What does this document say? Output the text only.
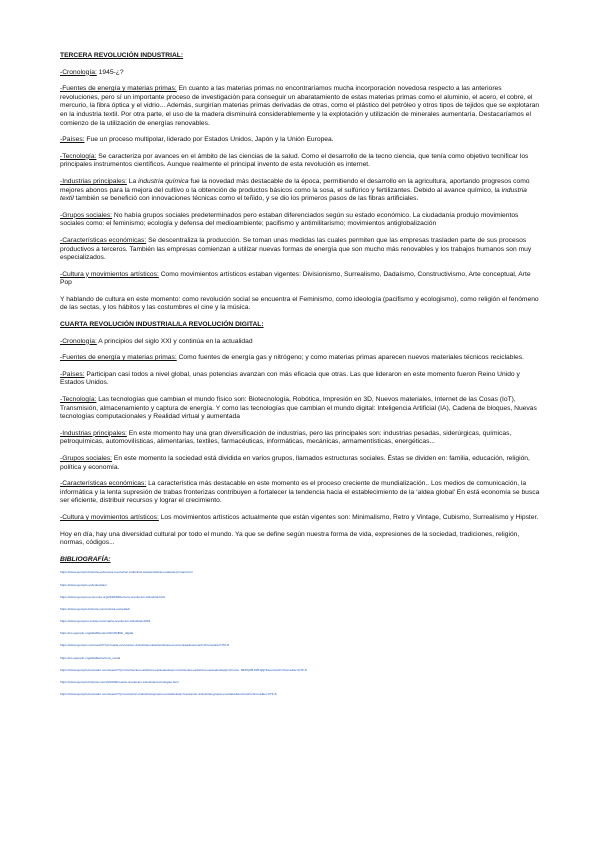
TERCERA REVOLUCIÓN INDUSTRIAL:

-Cronología: 1945-¿?

-Fuentes de energía y materias primas: En cuanto a las materias primas no encontraríamos mucha incorporación novedosa respecto a las anteriores revoluciones, pero sí un importante proceso de investigación para conseguir un abaratamiento de estas materias primas como el aluminio, el acero, el cobre, el mercurio, la fibra óptica y el vidrio... Además, surgirían materias primas derivadas de otras, como el plástico del petróleo y otros tipos de tejidos que se explotaran en la industria textil. Por otra parte, el uso de la madera disminuirá considerablemente y la explotación y utilización de minerales aumentaría. Destacaríamos el comienzo de la utilización de energías renovables.

-Países: Fue un proceso multipolar, liderado por Estados Unidos, Japón y la Unión Europea.

-Tecnología: Se caracteriza por avances en el ámbito de las ciencias de la salud. Como el desarrollo de la tecno ciencia, que tenía como objetivo tecnificar los principales instrumentos científicos. Aunque realmente el principal invento de esta revolución es internet.

-Industrias principales: La industria química fue la novedad más destacable de la época, permitiendo el desarrollo en la agricultura, aportando progresos como mejores abonos para la mejora del cultivo o la obtención de productos básicos como la sosa, el sulfúrico y fertilizantes. Debido al avance químico, la industria textil también se benefició con innovaciones técnicas como el teñido, y se dio los primeros pasos de las fibras artificiales.

-Grupos sociales: No había grupos sociales predeterminados pero estaban diferenciados según su estado económico. La ciudadanía produjo movimientos sociales como: el feminismo; ecología y defensa del medioambiente; pacifismo y antimilitarismo; movimientos antiglobalización

-Características económicas: Se descentraliza la producción. Se toman unas medidas las cuales permiten que las empresas trasladen parte de sus procesos productivos a terceros. También las empresas comienzan a utilizar nuevas formas de energía que son mucho más renovables y los trabajos humanos son muy especializados.

-Cultura y movimientos artísticos: Como movimientos artísticos estaban vigentes: Divisionismo, Surrealismo, Dadaísmo, Constructivismo, Arte conceptual, Arte Pop

Y hablando de cultura en este momento: como revolución social se encuentra el Feminismo, como ideología (pacifismo y ecologismo), como religión el fenómeno de las sectas, y los hábitos y las costumbres el cine y la música.

CUARTA REVOLUCIÓN INDUSTRIAL/LA REVOLUCIÓN DIGITAL:

-Cronología: A principios del siglo XXI y continúa en la actualidad

-Fuentes de energía y materias primas: Como fuentes de energía gas y nitrógeno; y como materias primas aparecen nuevos materiales técnicos reciclables.

-Países: Participan casi todos a nivel global, unas potencias avanzan con más eficacia que otras. Las que lideraron en este momento fueron Reino Unido y Estados Unidos.

-Tecnología: Las tecnologías que cambian el mundo físico son: Biotecnología, Robótica, Impresión en 3D, Nuevos materiales, Internet de las Cosas (IoT), Transmisión, almacenamiento y captura de energía. Y como las tecnologías que cambian el mundo digital: Inteligencia Artificial (IA), Cadena de bloques, Nuevas tecnologías computacionales y Realidad virtual y aumentada

-Industrias principales: En este momento hay una gran diversificación de industrias, pero las principales son: industrias pesadas, siderúrgicas, químicas, petroquímicas, automovilísticas, alimentarias, textiles, farmacéuticas, informáticas, mecánicas, armamentísticas, energéticas...

-Grupos sociales: En este momento la sociedad está dividida en varios grupos, llamados estructuras sociales. Éstas se dividen en: familia, educación, religión, política y economía.

-Características económicas: La característica más destacable en este momento es el proceso creciente de mundialización.. Los medios de comunicación, la informática y la lenta supresión de trabas fronterizas contribuyen a fortalecer la tendencia hacia el establecimiento de la ‘aldea global’ En está economía se busca ser eficiente, distribuir recursos y lograr el crecimiento.

-Cultura y movimientos artísticos: Los movimientos artísticos actualmente que están vigentes son: Minimalismo, Retro y Vintage, Cubismo, Surrealismo y Hipster.

Hoy en día, hay una diversidad cultural por todo el mundo. Ya que se define según nuestra forma de vida, expresiones de la sociedad, tradiciones, religión, normas, códigos...

BIBLIOGRAFÍA:
https://www.ejemplo-historia.es/tercera-revolucion-industrial-caracteristicas-materias-primas.html
https://www.ejemplo.es/industrias/
https://www.ejemplo-economia.org/2018/09/tercera-revolucion-industrial.html
https://www.ejemplo-historia.com/cultura-sociedad/
https://www.ejemplo-revista.com/cuarta-revolucion-industrial-2019
https://es.ejemplo.org/wiki/Revoluci%C3%B3n_digital
https://www.ejemplo.com/search?q=cuarta+revolucion+industrial+caracteristicas+economicas&sourceid=chrome&ie=UTF-8
https://es.ejemplo.org/wiki/Estructura_social
https://www.ejemplo-buscador.com/search?q=movimientos+artisticos+actuales&oq=movimientos+artisticos+actuales&aqs=chrome..69i57j0l5.8251j0j7&sourceid=chrome&ie=UTF-8
https://www.ejemplo-historia.com/2019/02/cuarta-revolucion-industrial-tecnologias.html
https://www.ejemplo-buscador.com/search?q=revolucion+industrial+grupos+sociales&oq=revolucion+industrial+grupos+sociales&sourceid=chrome&ie=UTF-8
